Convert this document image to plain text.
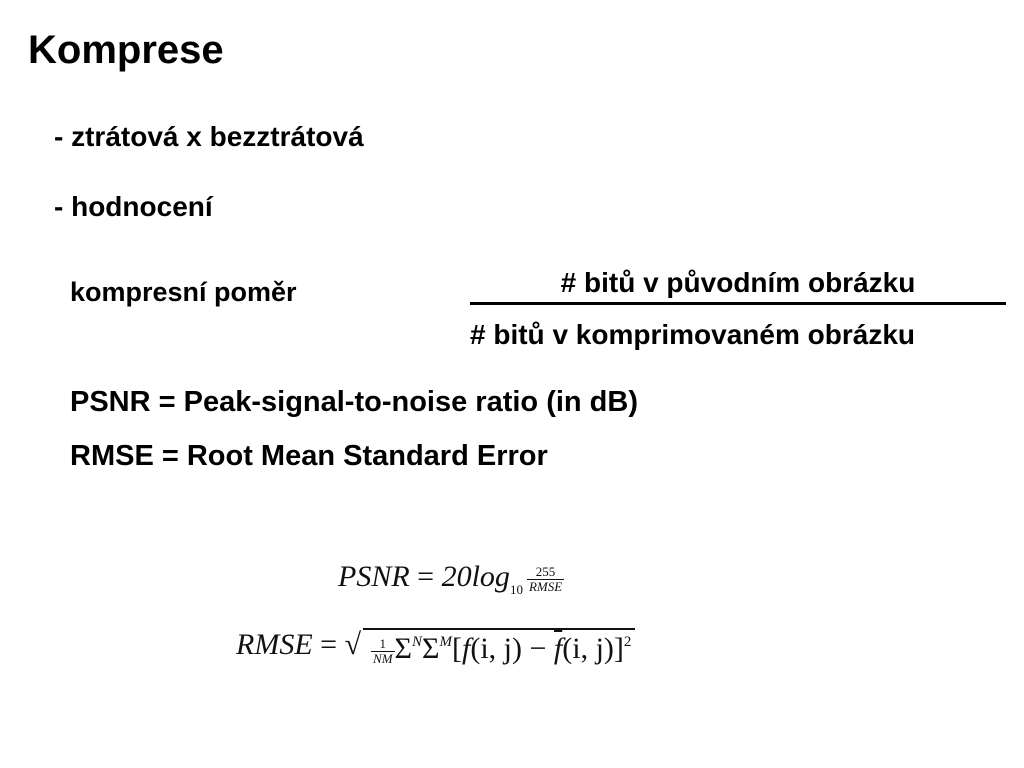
Komprese
- ztrátová x bezztrátová
- hodnocení
kompresní poměr	# bitů v původním obrázku
# bitů v komprimovaném obrázku
PSNR = Peak-signal-to-noise ratio (in dB)
RMSE = Root Mean Standard Error
PSNR = $20\log_{10}$
255
RMSE
RMSE = √ $\frac{1}{NM} \Sigma^N\Sigma^M[f(i$, $j) - \overline{f}(i$, j)]$^2$
